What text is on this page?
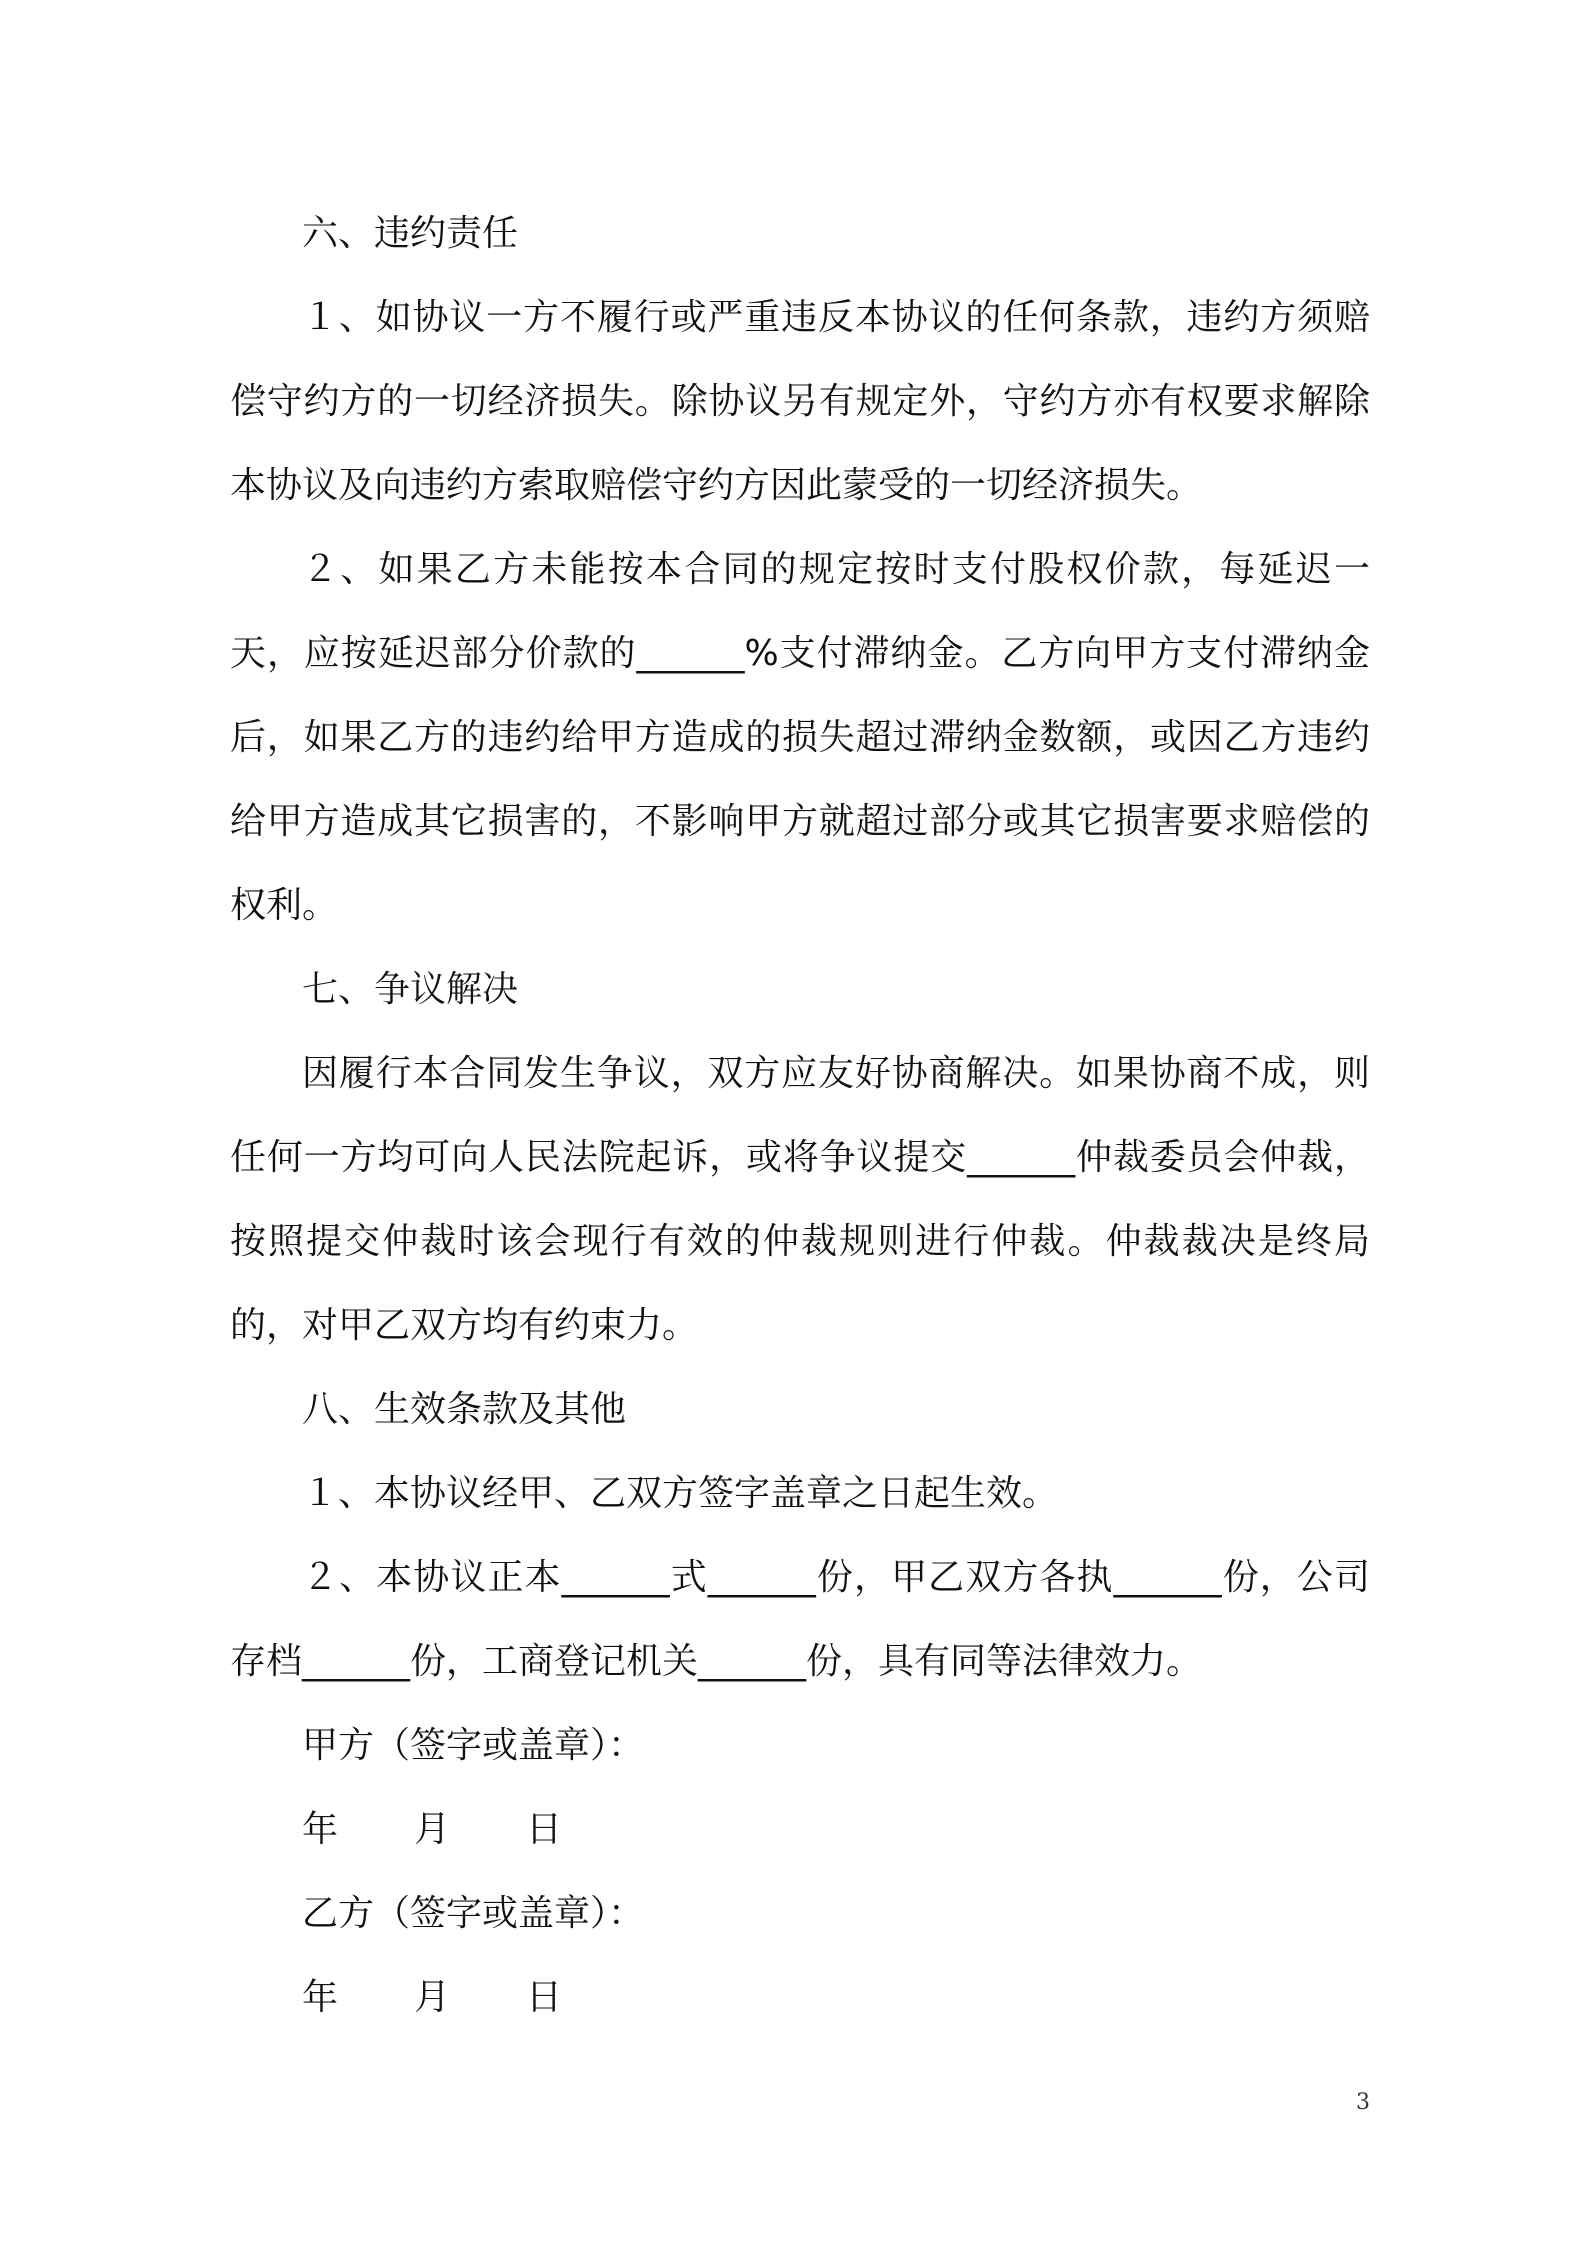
六、违约责任

１、如协议一方不履行或严重违反本协议的任何条款，违约方须赔偿守约方的一切经济损失。除协议另有规定外，守约方亦有权要求解除本协议及向违约方索取赔偿守约方因此蒙受的一切经济损失。

２、如果乙方未能按本合同的规定按时支付股权价款，每延迟一天，应按延迟部分价款的______%支付滞纳金。乙方向甲方支付滞纳金后，如果乙方的违约给甲方造成的损失超过滞纳金数额，或因乙方违约给甲方造成其它损害的，不影响甲方就超过部分或其它损害要求赔偿的权利。

七、争议解决

因履行本合同发生争议，双方应友好协商解决。如果协商不成，则任何一方均可向人民法院起诉，或将争议提交______仲裁委员会仲裁，按照提交仲裁时该会现行有效的仲裁规则进行仲裁。仲裁裁决是终局的，对甲乙双方均有约束力。

八、生效条款及其他

１、本协议经甲、乙双方签字盖章之日起生效。

２、本协议正本______式______份，甲乙双方各执______份，公司存档______份，工商登记机关______份，具有同等法律效力。

甲方（签字或盖章）：

年 月 日

乙方（签字或盖章）：

年 月 日

3
